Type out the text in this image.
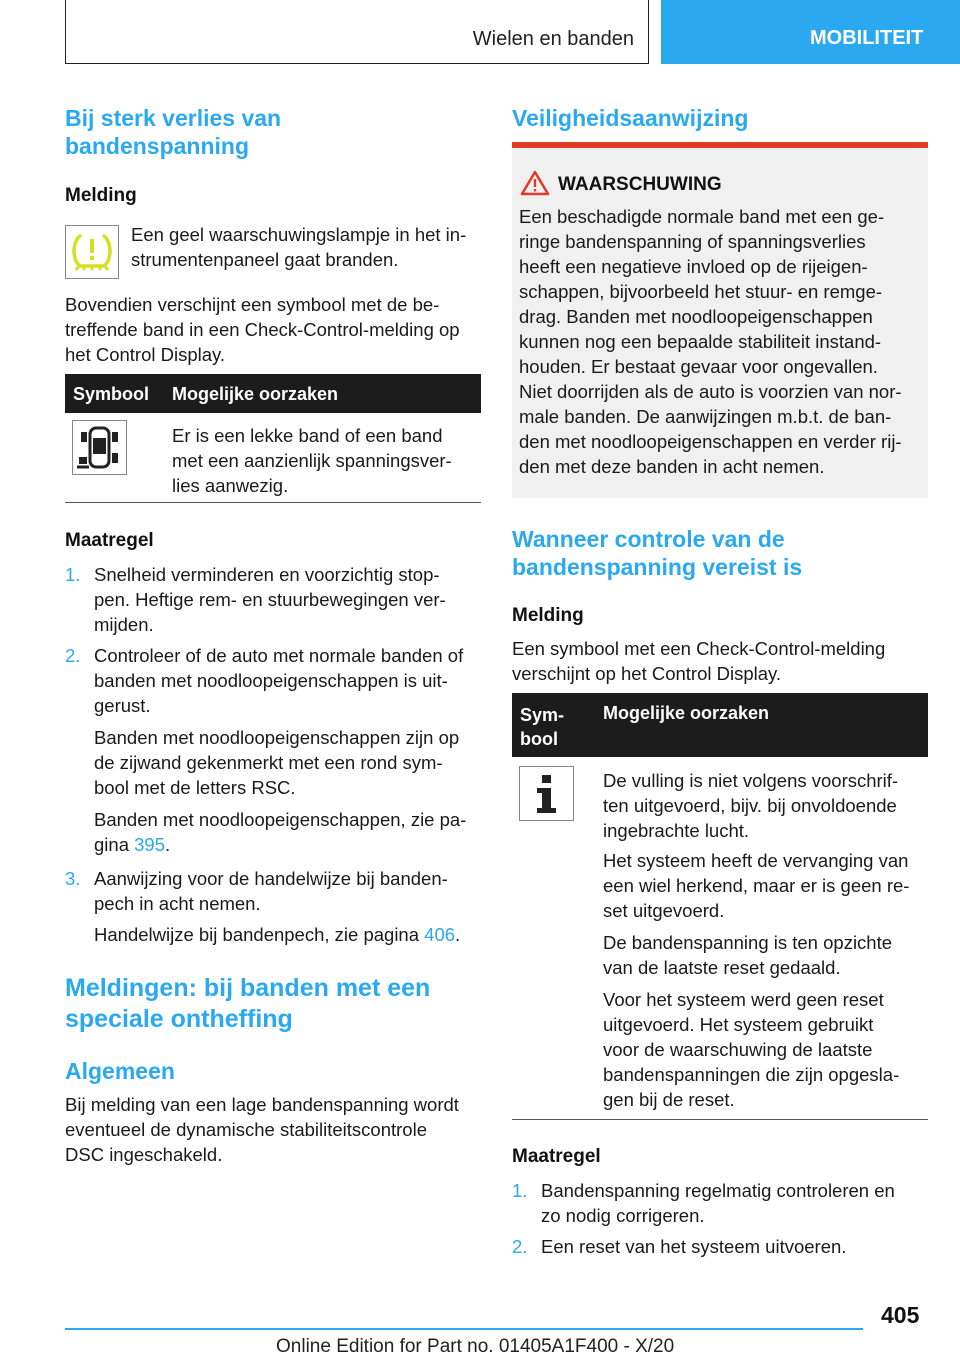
Wielen en banden	MOBILITEIT
Bij sterk verlies van
bandenspanning
Melding
Een geel waarschuwingslampje in het in-
strumentenpaneel gaat branden.
Bovendien verschijnt een symbool met de be-
treffende band in een Check-Control-melding op
het Control Display.
Symbool Mogelijke oorzaken
Er is een lekke band of een band
met een aanzienlijk spanningsver-
lies aanwezig.
Maatregel
1. Snelheid verminderen en voorzichtig stop-
pen. Heftige rem- en stuurbewegingen ver-
mijden.
2. Controleer of de auto met normale banden of
banden met noodloopeigenschappen is uit-
gerust.
Banden met noodloopeigenschappen zijn op
de zijwand gekenmerkt met een rond sym-
bool met de letters RSC.
Banden met noodloopeigenschappen, zie pa-
gina 395.
3. Aanwijzing voor de handelwijze bij banden-
pech in acht nemen.
Handelwijze bij bandenpech, zie pagina 406.
Meldingen: bij banden met een
speciale ontheffing
Algemeen
Bij melding van een lage bandenspanning wordt
eventueel de dynamische stabiliteitscontrole
DSC ingeschakeld.
Veiligheidsaanwijzing
WAARSCHUWING
Een beschadigde normale band met een ge-
ringe bandenspanning of spanningsverlies
heeft een negatieve invloed op de rijeigen-
schappen, bijvoorbeeld het stuur- en remge-
drag. Banden met noodloopeigenschappen
kunnen nog een bepaalde stabiliteit instand-
houden. Er bestaat gevaar voor ongevallen.
Niet doorrijden als de auto is voorzien van nor-
male banden. De aanwijzingen m.b.t. de ban-
den met noodloopeigenschappen en verder rij-
den met deze banden in acht nemen.
Wanneer controle van de
bandenspanning vereist is
Melding
Een symbool met een Check-Control-melding
verschijnt op het Control Display.
Sym-
bool
Mogelijke oorzaken
De vulling is niet volgens voorschrif-
ten uitgevoerd, bijv. bij onvoldoende
ingebrachte lucht.
Het systeem heeft de vervanging van
een wiel herkend, maar er is geen re-
set uitgevoerd.
De bandenspanning is ten opzichte
van de laatste reset gedaald.
Voor het systeem werd geen reset
uitgevoerd. Het systeem gebruikt
voor de waarschuwing de laatste
bandenspanningen die zijn opgesla-
gen bij de reset.
Maatregel
1. Bandenspanning regelmatig controleren en
zo nodig corrigeren.
2. Een reset van het systeem uitvoeren.
405
Online Edition for Part no. 01405A1F400 - X/20
